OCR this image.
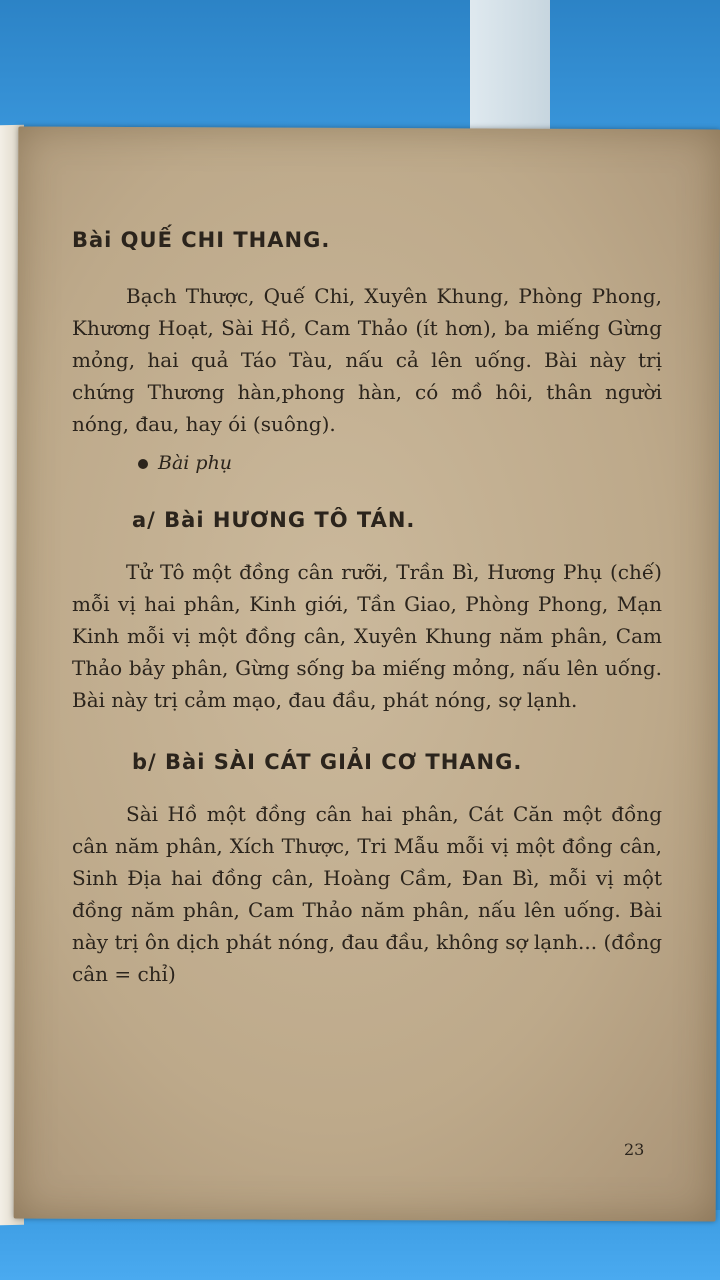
Bài QUẾ CHI THANG.

Bạch Thược, Quế Chi, Xuyên Khung, Phòng Phong, Khương Hoạt, Sài Hồ, Cam Thảo (ít hơn), ba miếng Gừng mỏng, hai quả Táo Tàu, nấu cả lên uống. Bài này trị chứng Thương hàn,phong hàn, có mồ hôi, thân người nóng, đau, hay ói (suông).

Bài phụ

a/ Bài HƯƠNG TÔ TÁN.

Tử Tô một đồng cân rưỡi, Trần Bì, Hương Phụ (chế) mỗi vị hai phân, Kinh giới, Tần Giao, Phòng Phong, Mạn Kinh mỗi vị một đồng cân, Xuyên Khung năm phân, Cam Thảo bảy phân, Gừng sống ba miếng mỏng, nấu lên uống. Bài này trị cảm mạo, đau đầu, phát nóng, sợ lạnh.

b/ Bài SÀI CÁT GIẢI CƠ THANG.

Sài Hồ một đồng cân hai phân, Cát Căn một đồng cân năm phân, Xích Thược, Tri Mẫu mỗi vị một đồng cân, Sinh Địa hai đồng cân, Hoàng Cầm, Đan Bì, mỗi vị một đồng năm phân, Cam Thảo năm phân, nấu lên uống. Bài này trị ôn dịch phát nóng, đau đầu, không sợ lạnh... (đồng cân = chỉ)

23
